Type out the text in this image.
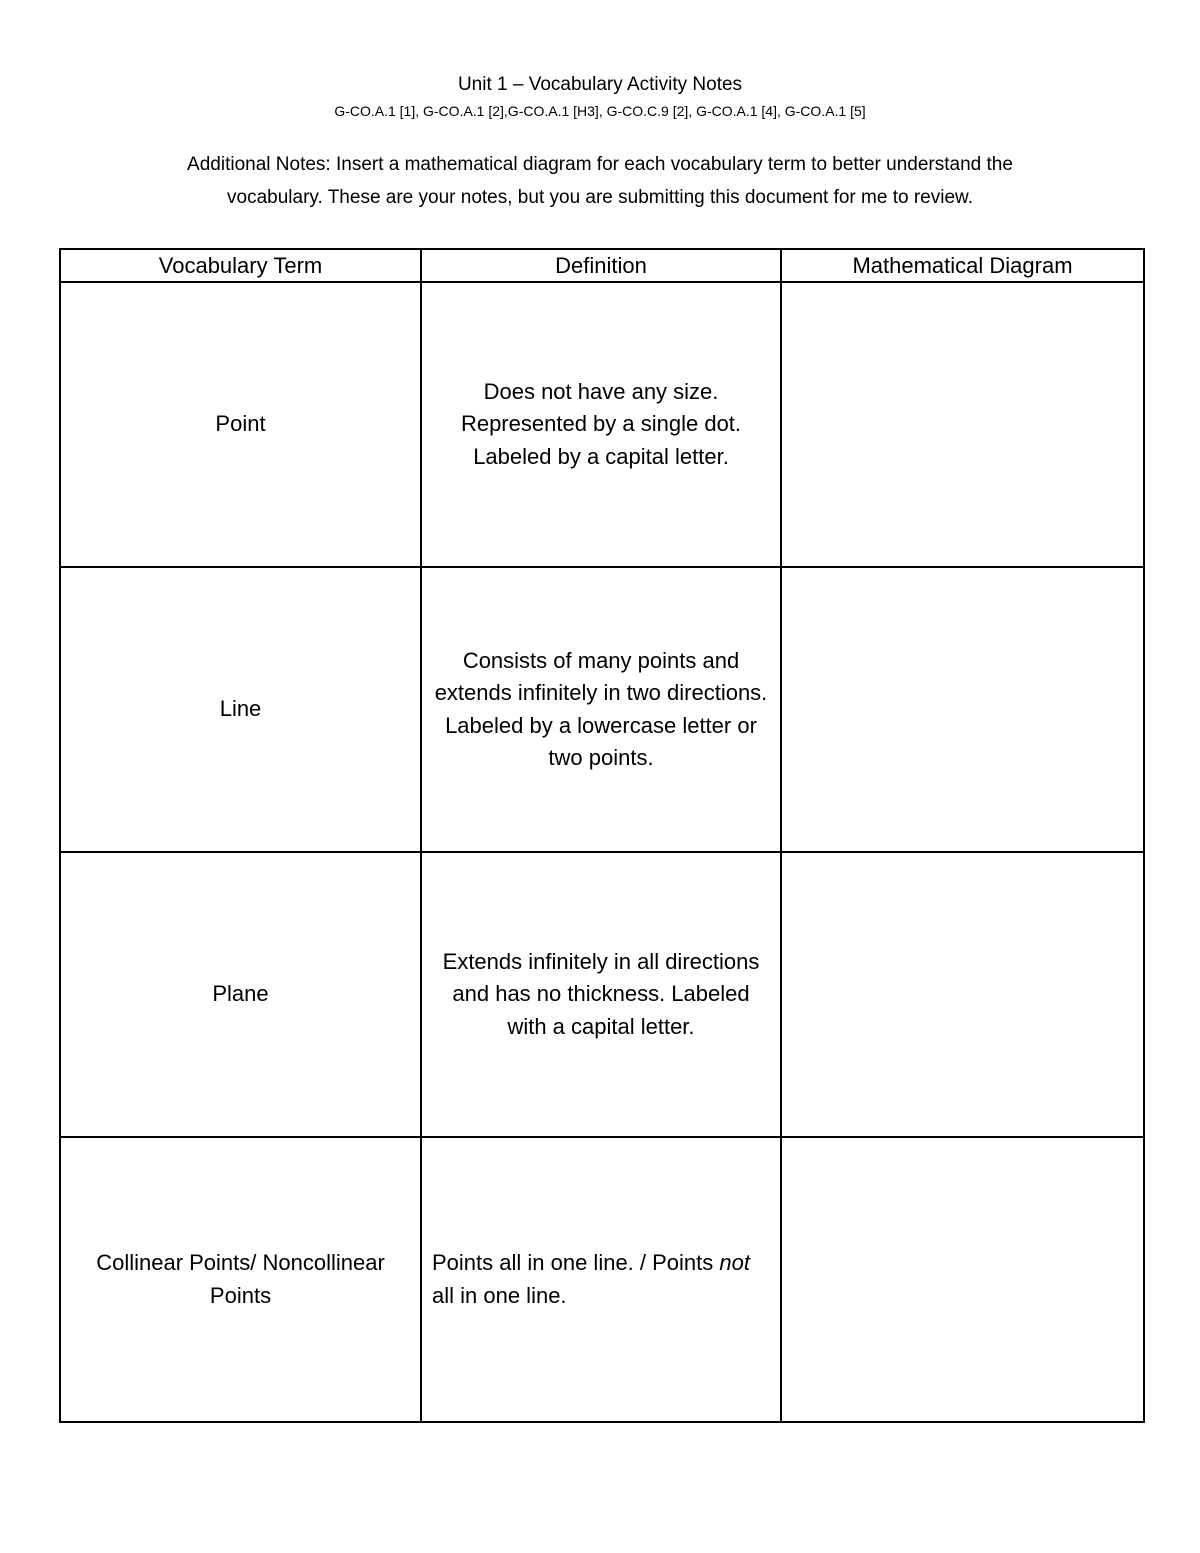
Unit 1 – Vocabulary Activity Notes
G-CO.A.1 [1], G-CO.A.1 [2],G-CO.A.1 [H3], G-CO.C.9 [2], G-CO.A.1 [4], G-CO.A.1 [5]
Additional Notes: Insert a mathematical diagram for each vocabulary term to better understand the
vocabulary. These are your notes, but you are submitting this document for me to review.
Vocabulary Term	Definition	Mathematical Diagram
Point	Does not have any size. Represented by a single dot. Labeled by a capital letter.	
Line	Consists of many points and extends infinitely in two directions. Labeled by a lowercase letter or two points.	
Plane	Extends infinitely in all directions and has no thickness. Labeled with a capital letter.	
Collinear Points/ Noncollinear Points	Points all in one line. / Points not all in one line.	
